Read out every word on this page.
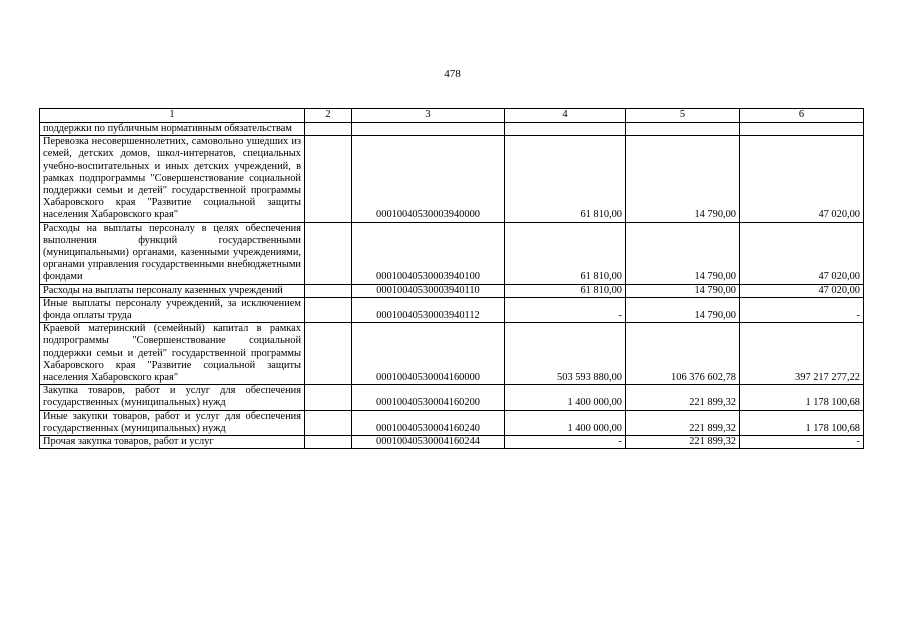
478
1	2	3	4	5	6
поддержки по публичным нормативным обязательствам					
Перевозка несовершеннолетних, самовольно ушедших из семей, детских домов, школ-интернатов, специальных учебно-воспитательных и иных детских учреждений, в рамках подпрограммы "Совершенствование социальной поддержки семьи и детей" государственной программы Хабаровского края "Развитие социальной защиты населения Хабаровского края"		00010040530003940000	61 810,00	14 790,00	47 020,00
Расходы на выплаты персоналу в целях обеспечения выполнения функций государственными (муниципальными) органами, казенными учреждениями, органами управления государственными внебюджетными фондами		00010040530003940100	61 810,00	14 790,00	47 020,00
Расходы на выплаты персоналу казенных учреждений		00010040530003940110	61 810,00	14 790,00	47 020,00
Иные выплаты персоналу учреждений, за исключением фонда оплаты труда		00010040530003940112	-	14 790,00	-
Краевой материнский (семейный) капитал в рамках подпрограммы "Совершенствование социальной поддержки семьи и детей" государственной программы Хабаровского края "Развитие социальной защиты населения Хабаровского края"		00010040530004160000	503 593 880,00	106 376 602,78	397 217 277,22
Закупка товаров, работ и услуг для обеспечения государственных (муниципальных) нужд		00010040530004160200	1 400 000,00	221 899,32	1 178 100,68
Иные закупки товаров, работ и услуг для обеспечения государственных (муниципальных) нужд		00010040530004160240	1 400 000,00	221 899,32	1 178 100,68
Прочая закупка товаров, работ и услуг		00010040530004160244	-	221 899,32	-
